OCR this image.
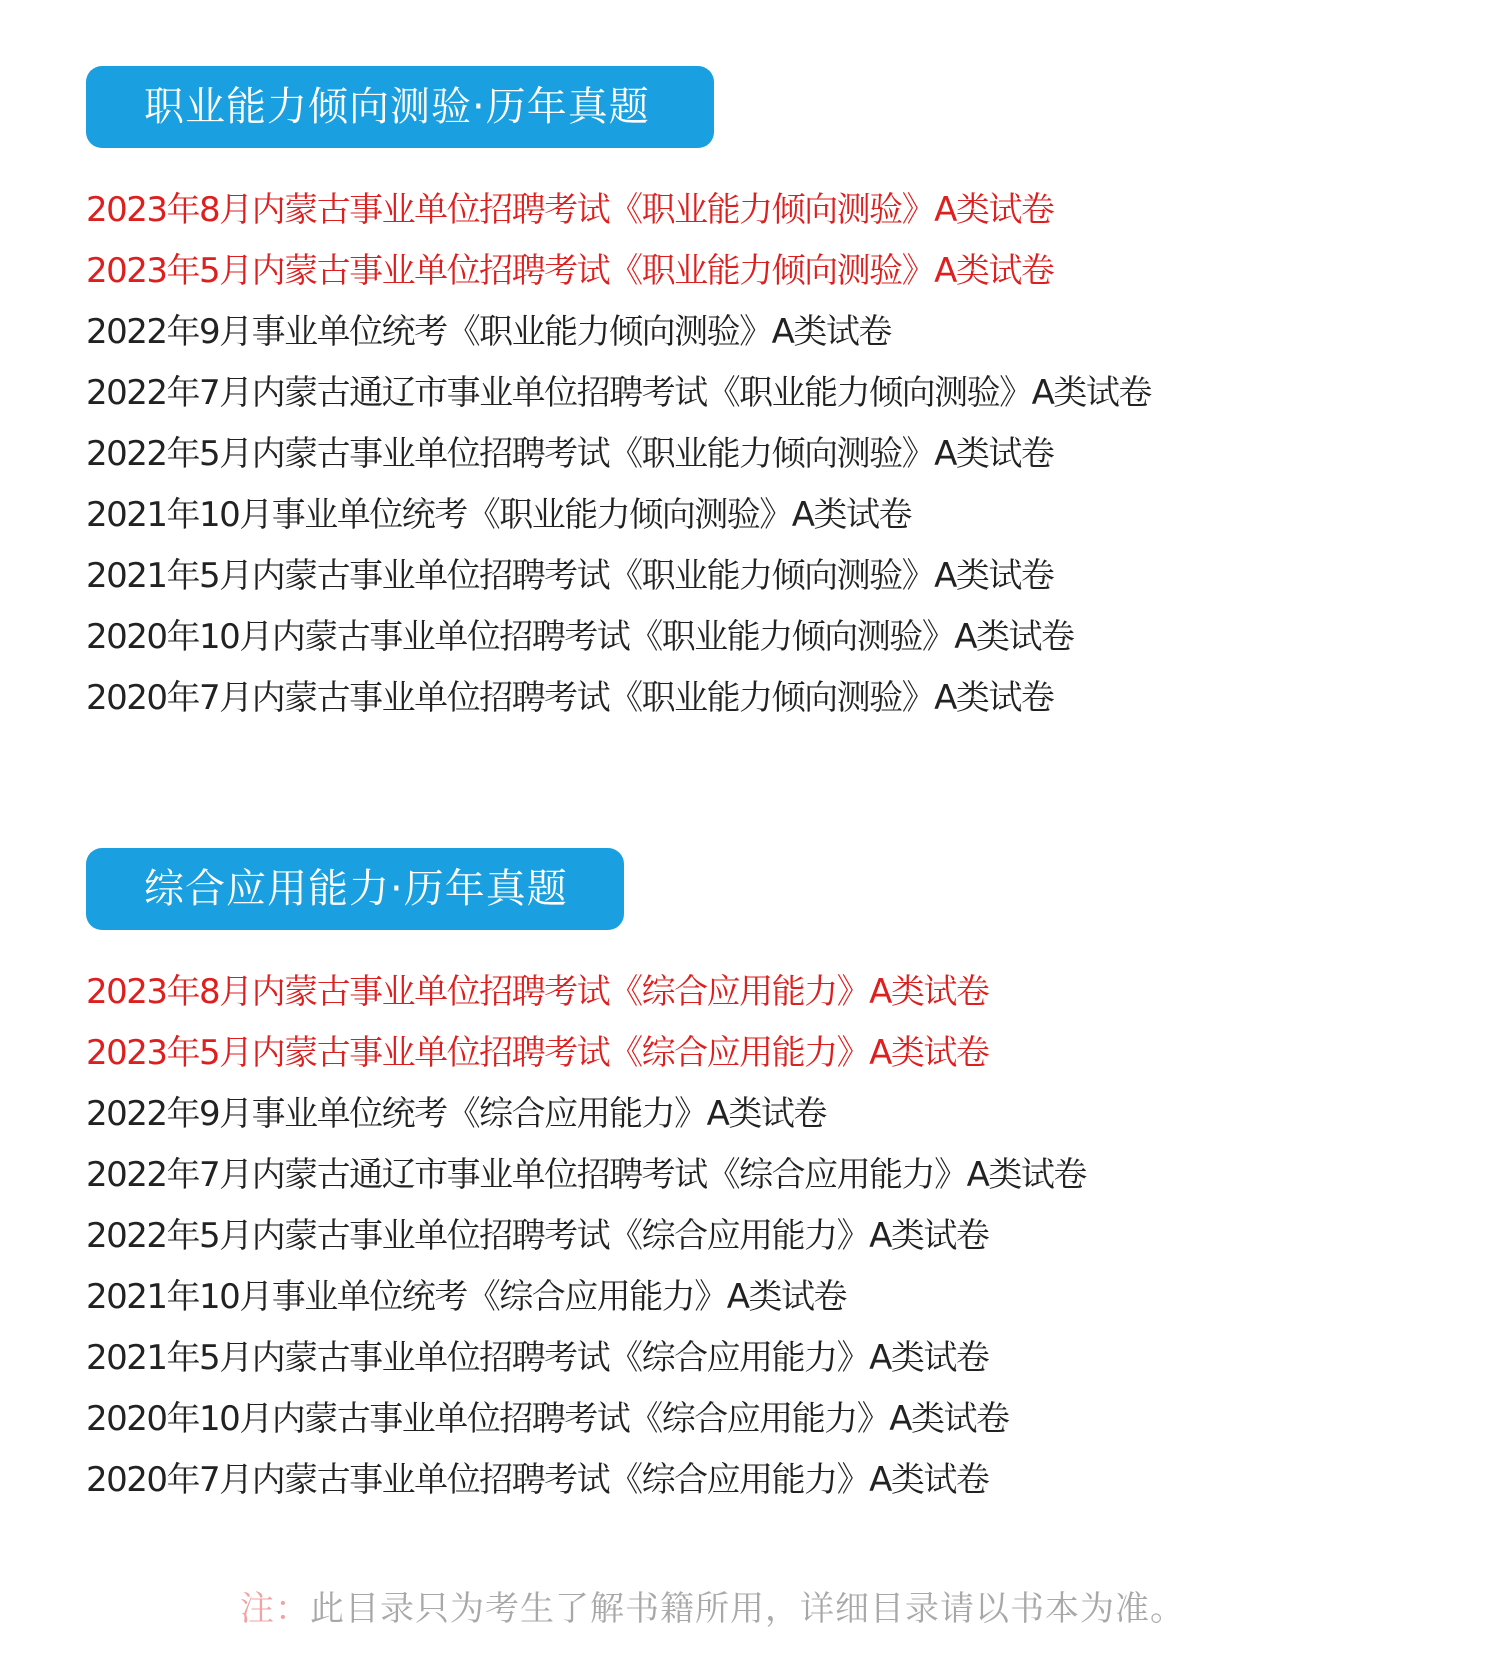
职业能力倾向测验·历年真题
2023年8月内蒙古事业单位招聘考试《职业能力倾向测验》A类试卷
2023年5月内蒙古事业单位招聘考试《职业能力倾向测验》A类试卷
2022年9月事业单位统考《职业能力倾向测验》A类试卷
2022年7月内蒙古通辽市事业单位招聘考试《职业能力倾向测验》A类试卷
2022年5月内蒙古事业单位招聘考试《职业能力倾向测验》A类试卷
2021年10月事业单位统考《职业能力倾向测验》A类试卷
2021年5月内蒙古事业单位招聘考试《职业能力倾向测验》A类试卷
2020年10月内蒙古事业单位招聘考试《职业能力倾向测验》A类试卷
2020年7月内蒙古事业单位招聘考试《职业能力倾向测验》A类试卷
综合应用能力·历年真题
2023年8月内蒙古事业单位招聘考试《综合应用能力》A类试卷
2023年5月内蒙古事业单位招聘考试《综合应用能力》A类试卷
2022年9月事业单位统考《综合应用能力》A类试卷
2022年7月内蒙古通辽市事业单位招聘考试《综合应用能力》A类试卷
2022年5月内蒙古事业单位招聘考试《综合应用能力》A类试卷
2021年10月事业单位统考《综合应用能力》A类试卷
2021年5月内蒙古事业单位招聘考试《综合应用能力》A类试卷
2020年10月内蒙古事业单位招聘考试《综合应用能力》A类试卷
2020年7月内蒙古事业单位招聘考试《综合应用能力》A类试卷
注：此目录只为考生了解书籍所用，详细目录请以书本为准。
